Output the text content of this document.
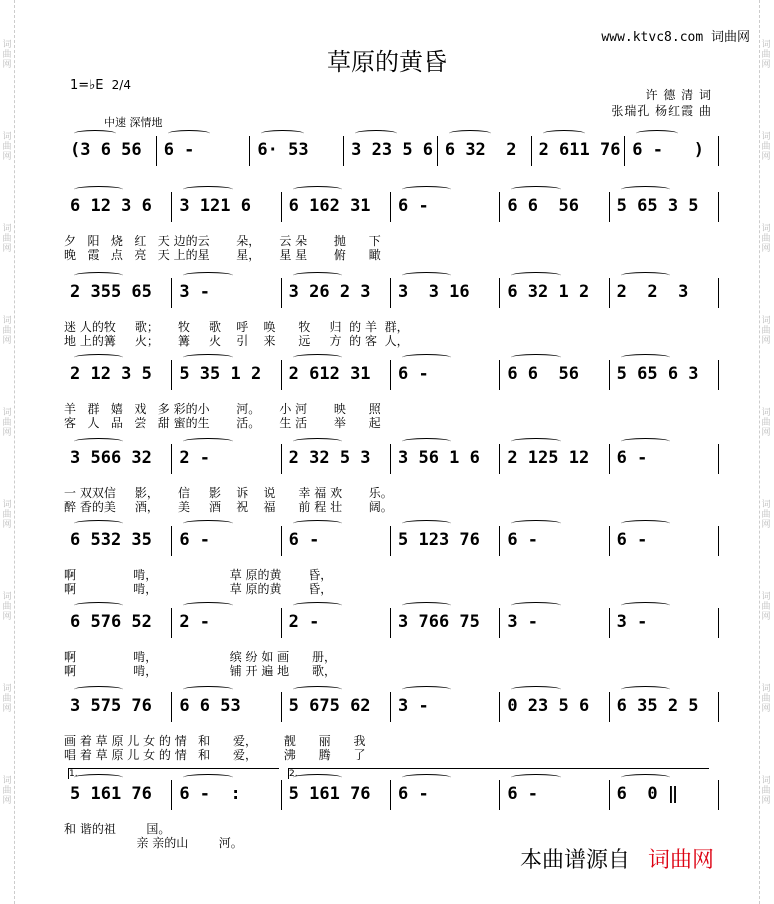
词
曲
网
词
曲
网
词
曲
网
词
曲
网
词
曲
网
词
曲
网
词
曲
网
词
曲
网
词
曲
网
词
曲
网
词
曲
网
词
曲
网
词
曲
网
词
曲
网
词
曲
网
词
曲
网
词
曲
网
词
曲
网
www.ktvc8.com 词曲网
草原的黄昏
1=♭E 2/4
中速 深情地
许 德 清 词
张瑞孔 杨红霞 曲
(3 6 56 6 -	6· 53	3 23 5 6 6 32  2 2 611 76 6 -   )
6 12 3 6 3 121 6 6 162 31 6 -	6 6  56 5 65 3 5
夕   阳   烧   红   天 边的云       朵，     云 朵       抛      下
晚   霞   点   亮   天 上的星       星，     星 星       俯      瞰
2 355 65 3 -	3 26 2 3 3  3 16 6 32 1 2 2  2  3
迷 人的牧     歌；     牧     歌    呼    唤      牧     归  的 羊  群，
地 上的篝     火；     篝     火    引    来      远     方  的 客  人，
2 12 3 5 5 35 1 2 2 612 31 6 -	6 6  56 5 65 6 3
羊   群   嬉   戏   多 彩的小       河。     小 河       映      照
客   人   品   尝   甜 蜜的生       活。     生 活       举      起
3 566 32 2 -	2 32 5 3 3 56 1 6 2 125 12 6 -
一 双双信     影，     信     影    诉    说      幸 福 欢       乐。
醉 香的美     酒，     美     酒    祝    福      前 程 壮       阔。
6 532 35 6 -	6 -	5 123 76 6 -	6 -
啊               啃，                   草 原的黄       昏，
啊               啃，                   草 原的黄       昏，
6 576 52 2 -	2 -	3 766 75 3 -	3 -
啊               啃，                   缤 纷 如 画      册，
啊               啃，                   铺 开 遍 地      歌，
3 575 76 6 6 53	5 675 62 3 -	0 23 5 6 6 35 2 5
画 着 草 原 儿 女 的 情   和      爱，       靓      丽      我
唱 着 草 原 儿 女 的 情   和      爱，       沸      腾      了
5 161 76 6 -  :	5 161 76 6 -	6 -	6  0 ‖
1.	2.
和 谐的祖        国。
亲 亲的山        河。
本曲谱源自 词曲网
